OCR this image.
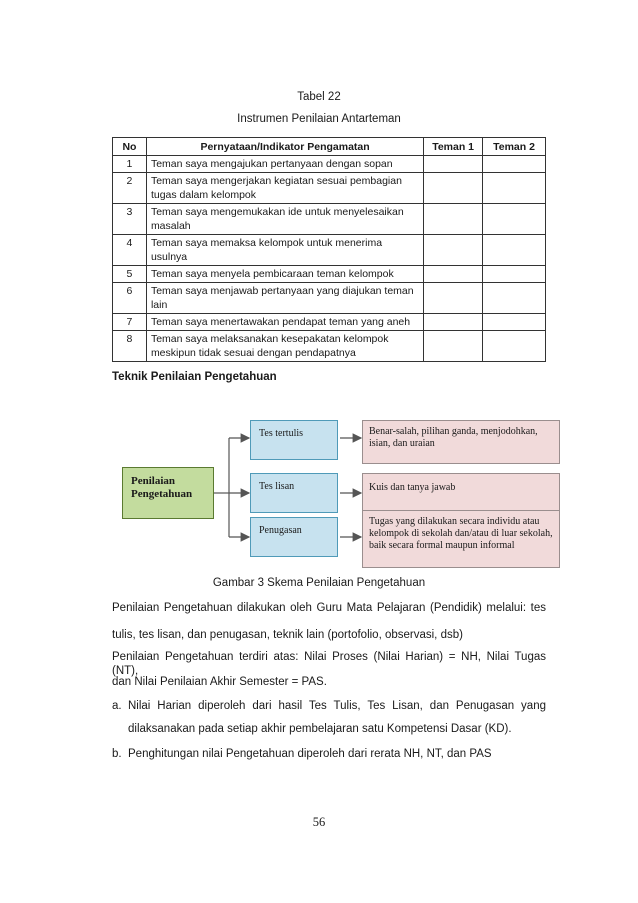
Tabel 22
Instrumen Penilaian Antarteman
No	Pernyataan/Indikator Pengamatan	Teman 1	Teman 2
1	Teman saya mengajukan pertanyaan dengan sopan		
2	Teman saya mengerjakan kegiatan sesuai pembagian tugas dalam kelompok		
3	Teman saya mengemukakan ide untuk menyelesaikan masalah		
4	Teman saya memaksa kelompok untuk menerima usulnya		
5	Teman saya menyela pembicaraan teman kelompok		
6	Teman saya menjawab pertanyaan yang diajukan teman lain		
7	Teman saya menertawakan pendapat teman yang aneh		
8	Teman saya melaksanakan kesepakatan kelompok meskipun tidak sesuai dengan pendapatnya		
Teknik Penilaian Pengetahuan
Penilaian Pengetahuan
Tes tertulis
Tes lisan
Penugasan
Benar-salah, pilihan ganda, menjodohkan, isian, dan uraian
Kuis dan tanya jawab
Tugas yang dilakukan secara individu atau kelompok di sekolah dan/atau di luar sekolah, baik secara formal maupun informal
Gambar 3 Skema Penilaian Pengetahuan
Penilaian Pengetahuan dilakukan oleh Guru Mata Pelajaran (Pendidik) melalui: tes
tulis, tes lisan, dan penugasan, teknik lain (portofolio, observasi, dsb)
Penilaian Pengetahuan terdiri atas: Nilai Proses (Nilai Harian) = NH, Nilai Tugas (NT),
dan Nilai Penilaian Akhir Semester = PAS.
a. Nilai Harian diperoleh dari hasil Tes Tulis, Tes Lisan, dan Penugasan yang
dilaksanakan pada setiap akhir pembelajaran satu Kompetensi Dasar (KD).
b. Penghitungan nilai Pengetahuan diperoleh dari rerata NH, NT, dan PAS
56
